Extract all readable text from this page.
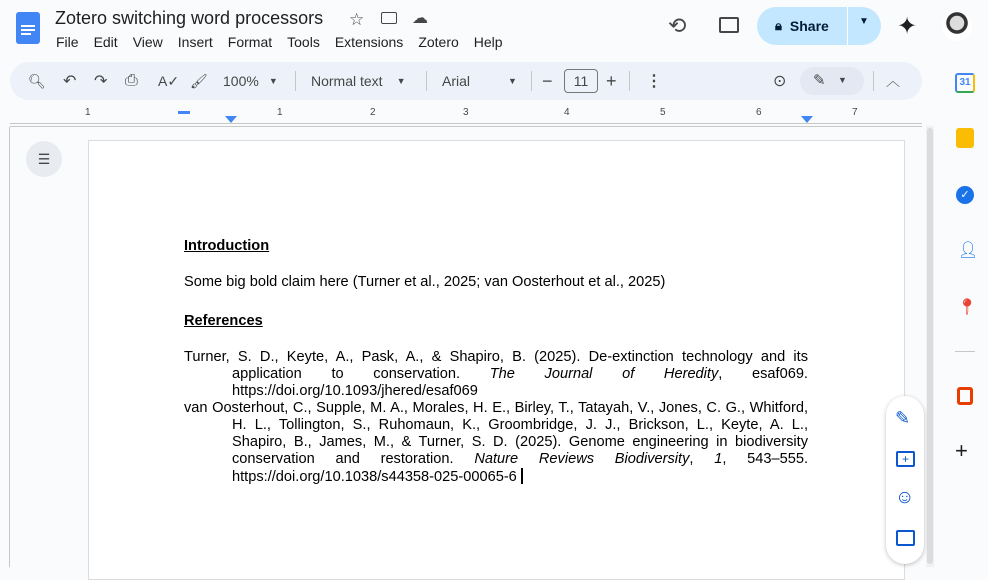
Zotero switching word processors ☆	☁
File Edit View Insert Format Tools Extensions Zotero Help
⟲	🔒︎ Share	▼ ✦
🔍︎ ↶ ↷ ⎙ A✓ 🖌︎ 100% ▼ Normal text ▼	Arial	▼ −	11 + ⋮	⊙ ✎ ▼	︿
1	1	2	3	4	5	6	7
☰
Introduction
Some big bold claim here (Turner et al., 2025; van Oosterhout et al., 2025)
References
Turner, S. D., Keyte, A., Pask, A., & Shapiro, B. (2025). De-extinction technology and its application to conservation. The Journal of Heredity, esaf069. https://doi.org/10.1093/jhered/esaf069
van Oosterhout, C., Supple, M. A., Morales, H. E., Birley, T., Tatayah, V., Jones, C. G., Whitford, H. L., Tollington, S., Ruhomaun, K., Groombridge, J. J., Brickson, L., Keyte, A. L., Shapiro, B., James, M., & Turner, S. D. (2025). Genome engineering in biodiversity conservation and restoration. Nature Reviews Biodiversity, 1, 543–555. https://doi.org/10.1038/s44358-025-00065-6
31
✓
👤︎
📍︎
+
✎
+
☺
